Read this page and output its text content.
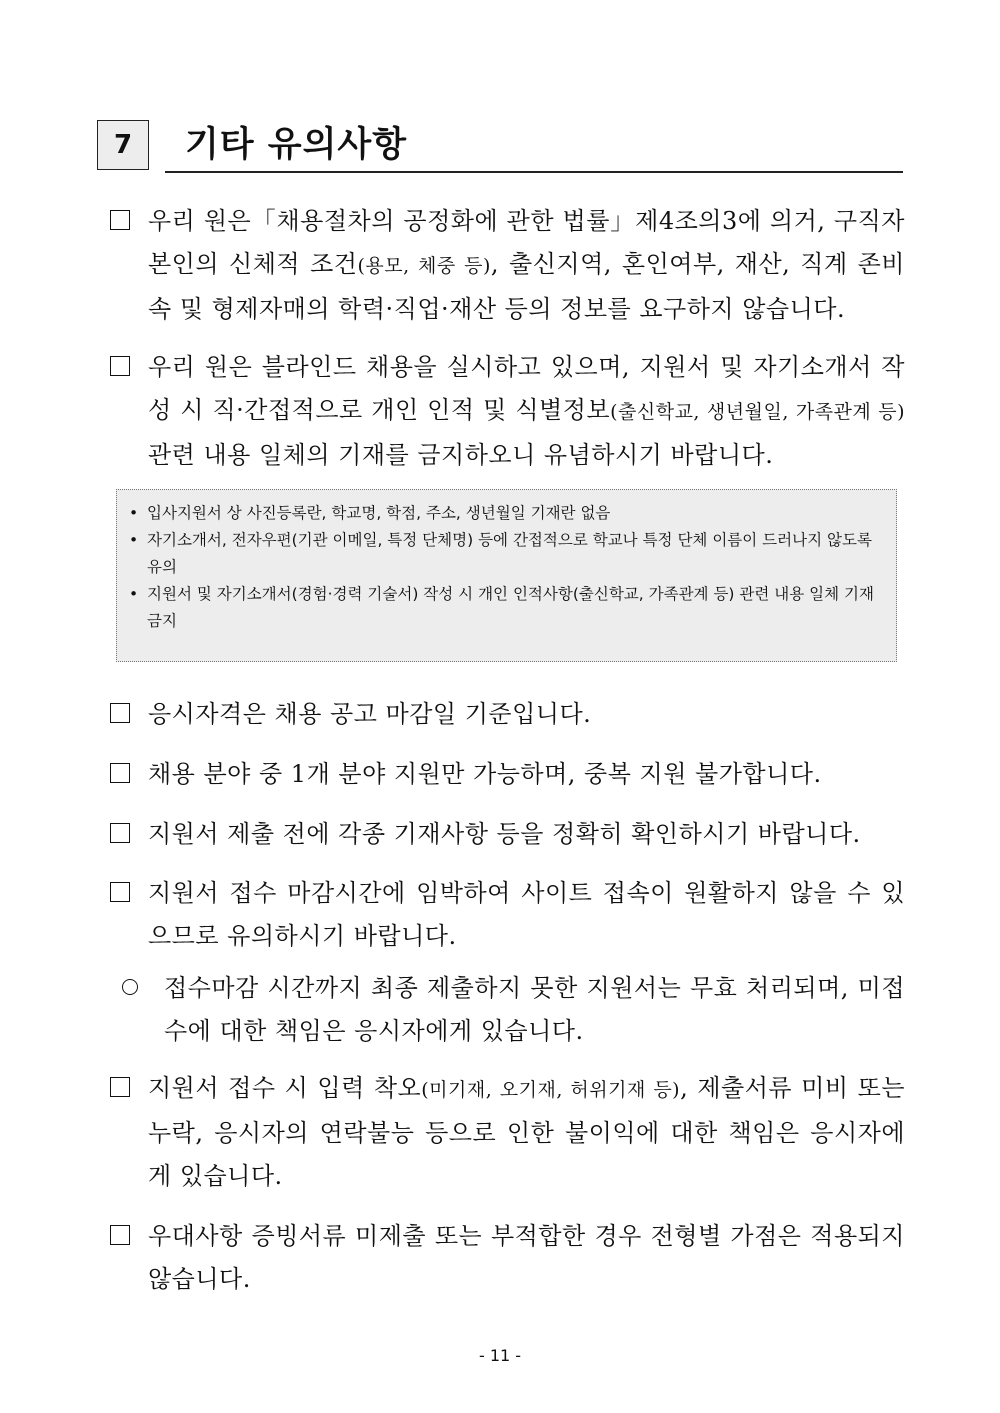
7	기타 유의사항
우리 원은「채용절차의 공정화에 관한 법률」제4조의3에 의거, 구직자 본인의 신체적 조건(용모, 체중 등), 출신지역, 혼인여부, 재산, 직계 존비속 및 형제자매의 학력·직업·재산 등의 정보를 요구하지 않습니다.
우리 원은 블라인드 채용을 실시하고 있으며, 지원서 및 자기소개서 작성 시 직·간접적으로 개인 인적 및 식별정보(출신학교, 생년월일, 가족관계 등) 관련 내용 일체의 기재를 금지하오니 유념하시기 바랍니다.

• 입사지원서 상 사진등록란, 학교명, 학점, 주소, 생년월일 기재란 없음

• 자기소개서, 전자우편(기관 이메일, 특정 단체명) 등에 간접적으로 학교나 특정 단체 이름이 드러나지 않도록 유의

• 지원서 및 자기소개서(경험·경력 기술서) 작성 시 개인 인적사항(출신학교, 가족관계 등) 관련 내용 일체 기재 금지

응시자격은 채용 공고 마감일 기준입니다.
채용 분야 중 1개 분야 지원만 가능하며, 중복 지원 불가합니다.
지원서 제출 전에 각종 기재사항 등을 정확히 확인하시기 바랍니다.
지원서 접수 마감시간에 임박하여 사이트 접속이 원활하지 않을 수 있으므로 유의하시기 바랍니다.
접수마감 시간까지 최종 제출하지 못한 지원서는 무효 처리되며, 미접수에 대한 책임은 응시자에게 있습니다.
지원서 접수 시 입력 착오(미기재, 오기재, 허위기재 등), 제출서류 미비 또는 누락, 응시자의 연락불능 등으로 인한 불이익에 대한 책임은 응시자에게 있습니다.
우대사항 증빙서류 미제출 또는 부적합한 경우 전형별 가점은 적용되지 않습니다.
- 11 -
